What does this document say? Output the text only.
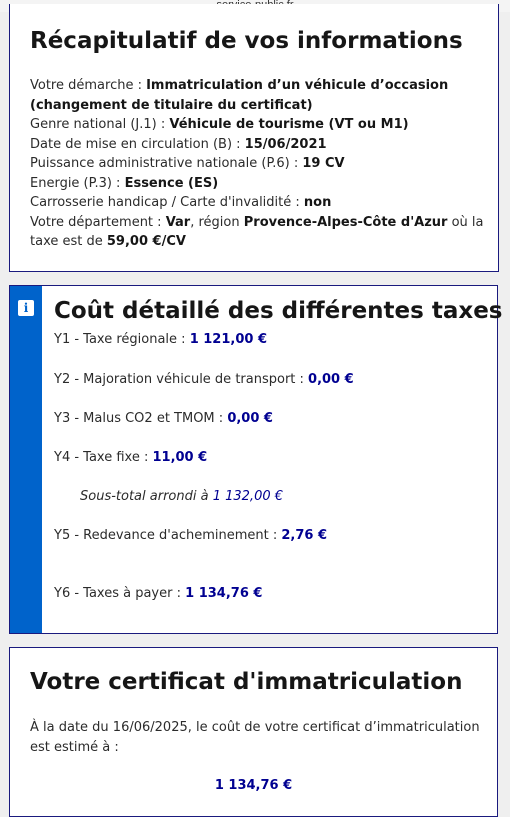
Récapitulatif de vos informations
Votre démarche : Immatriculation d’un véhicule d’occasion (changement de titulaire du certificat)
Genre national (J.1) : Véhicule de tourisme (VT ou M1)
Date de mise en circulation (B) : 15/06/2021
Puissance administrative nationale (P.6) : 19 CV
Energie (P.3) : Essence (ES)
Carrosserie handicap / Carte d'invalidité : non
Votre département : Var, région Provence-Alpes-Côte d'Azur où la taxe est de 59,00 €/CV
i Coût détaillé des différentes taxes
Y1 - Taxe régionale : 1 121,00 €
Y2 - Majoration véhicule de transport : 0,00 €
Y3 - Malus CO2 et TMOM : 0,00 €
Y4 - Taxe fixe : 11,00 €
Sous-total arrondi à 1 132,00 €
Y5 - Redevance d'acheminement : 2,76 €
Y6 - Taxes à payer : 1 134,76 €
Votre certificat d'immatriculation
À la date du 16/06/2025, le coût de votre certificat d’immatriculation est estimé à :
1 134,76 €
